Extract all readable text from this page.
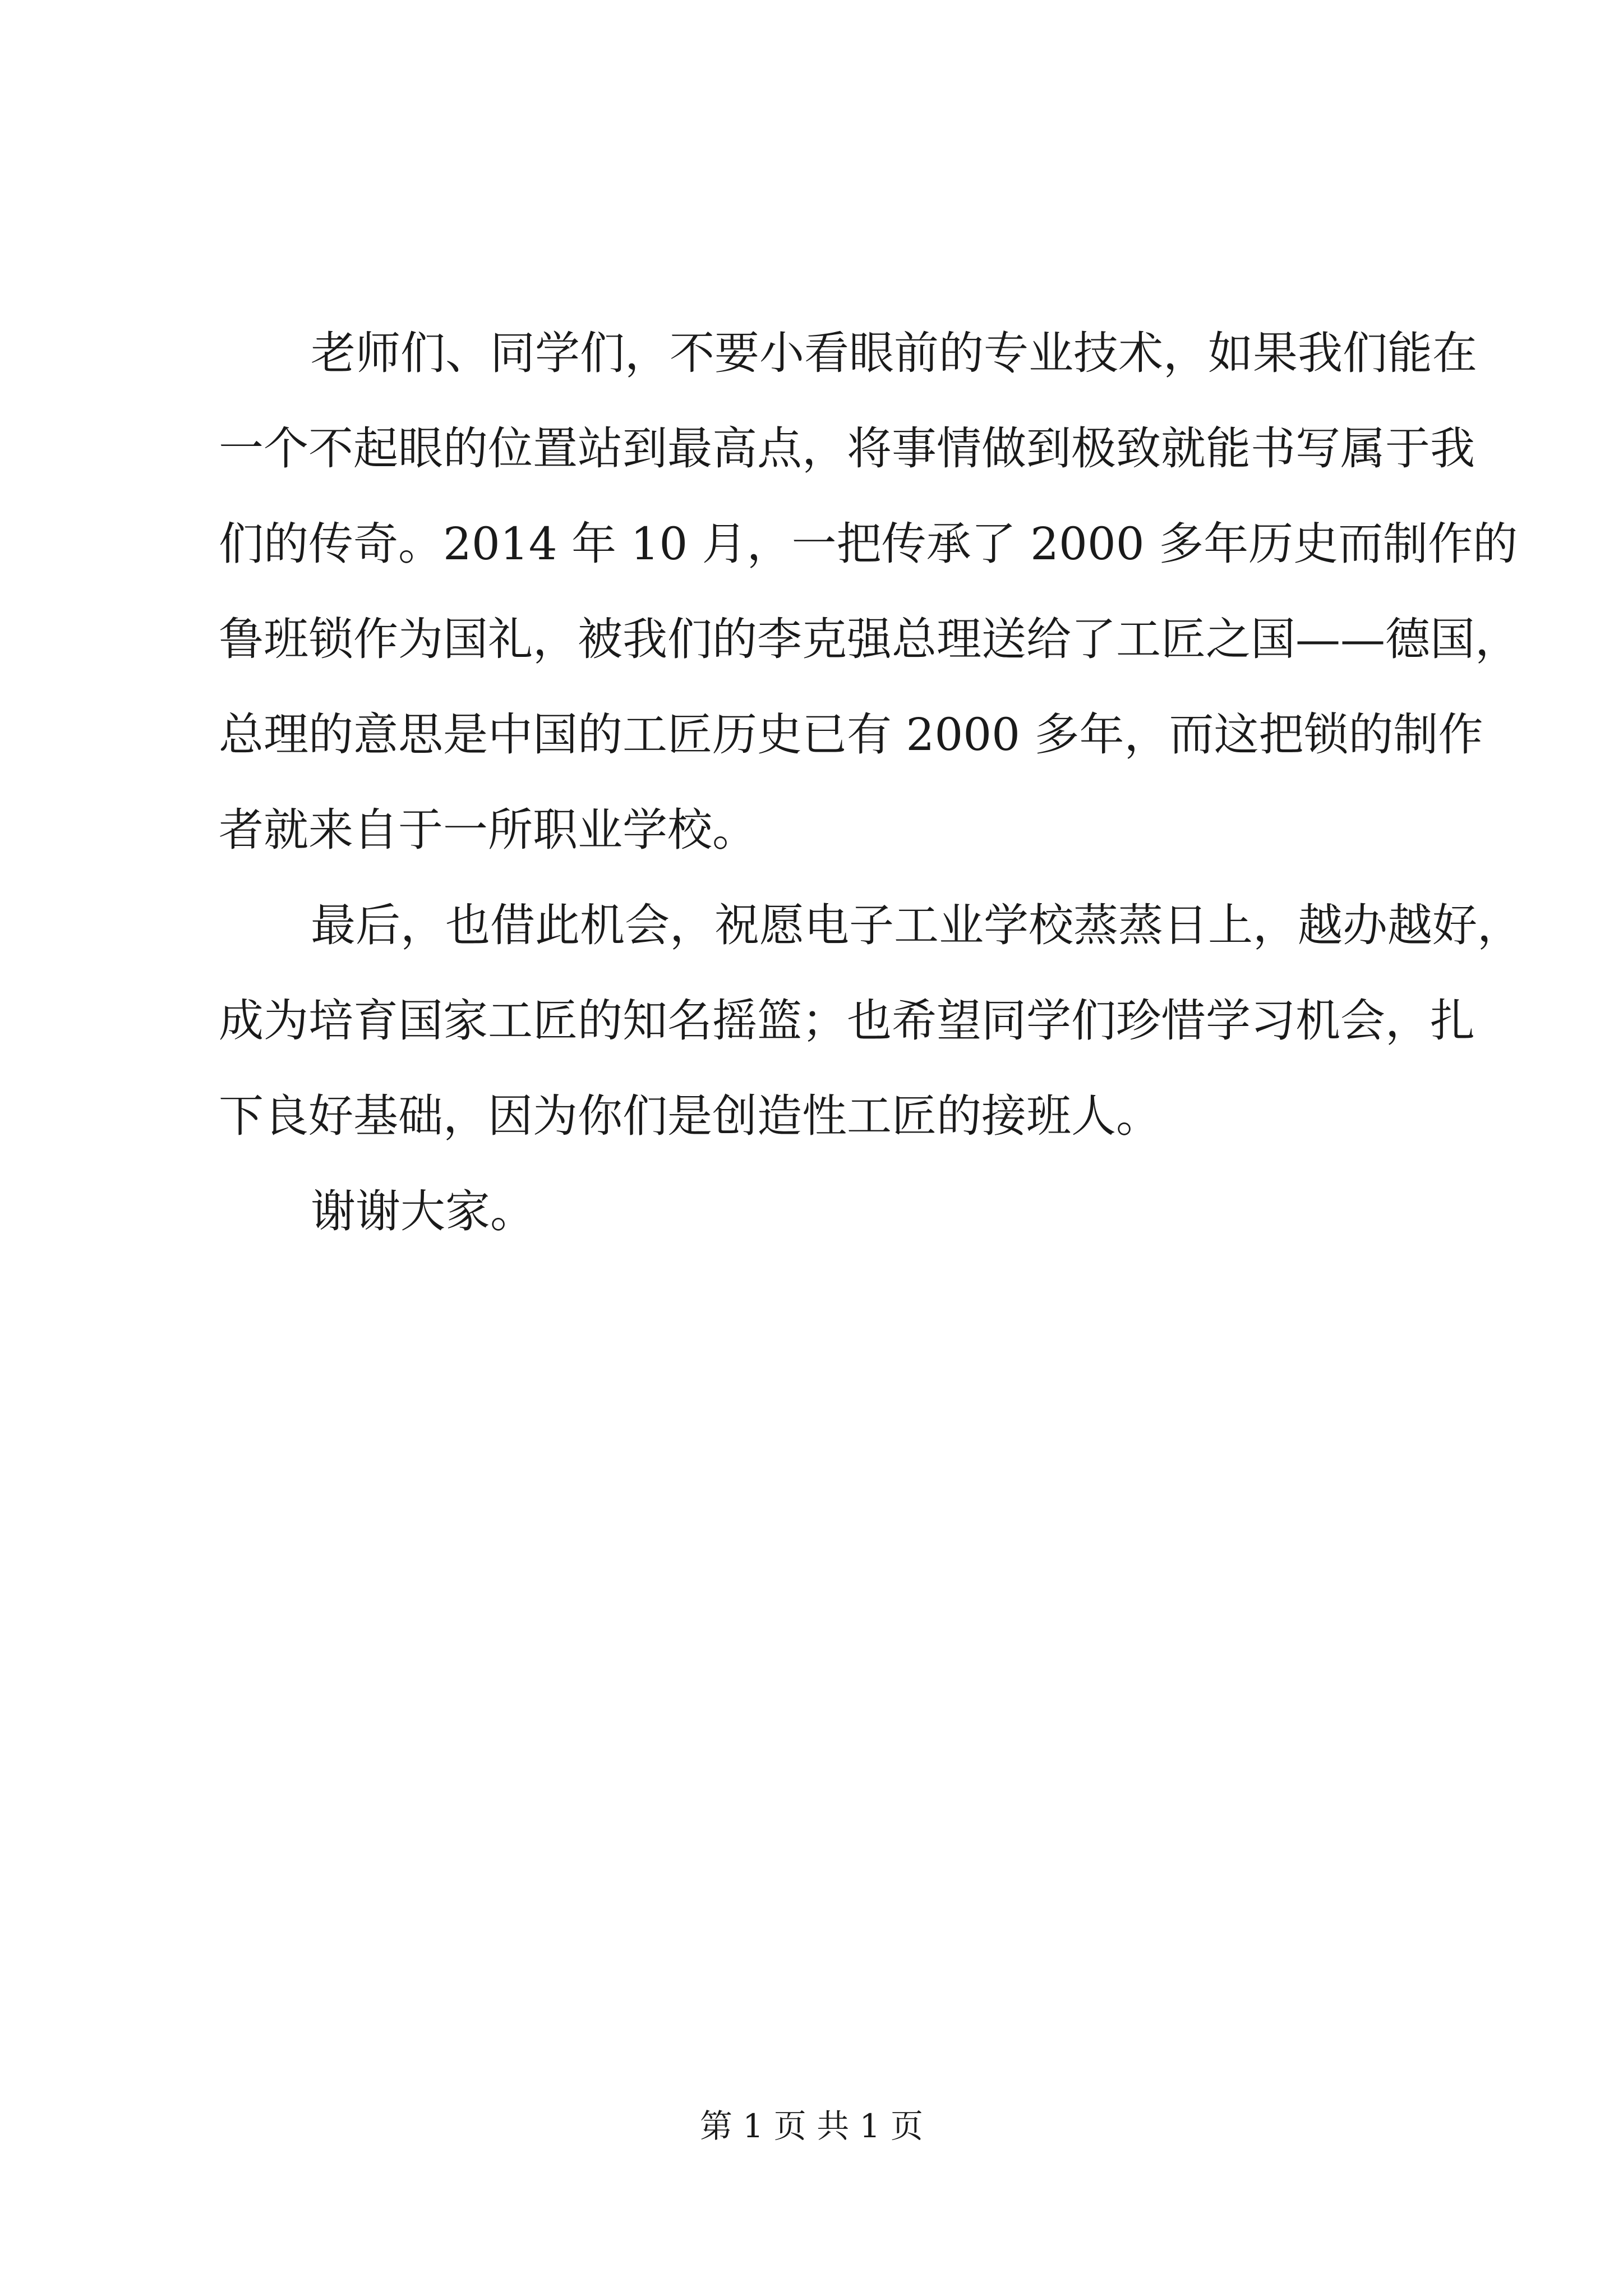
老师们、同学们，不要小看眼前的专业技术，如果我们能在
一个不起眼的位置站到最高点，将事情做到极致就能书写属于我
们的传奇。2014 年 10 月，一把传承了 2000 多年历史而制作的
鲁班锁作为国礼，被我们的李克强总理送给了工匠之国——德国，
总理的意思是中国的工匠历史已有 2000 多年，而这把锁的制作
者就来自于一所职业学校。
最后，也借此机会，祝愿电子工业学校蒸蒸日上，越办越好，
成为培育国家工匠的知名摇篮；也希望同学们珍惜学习机会，扎
下良好基础，因为你们是创造性工匠的接班人。
谢谢大家。
第 1 页 共 1 页
